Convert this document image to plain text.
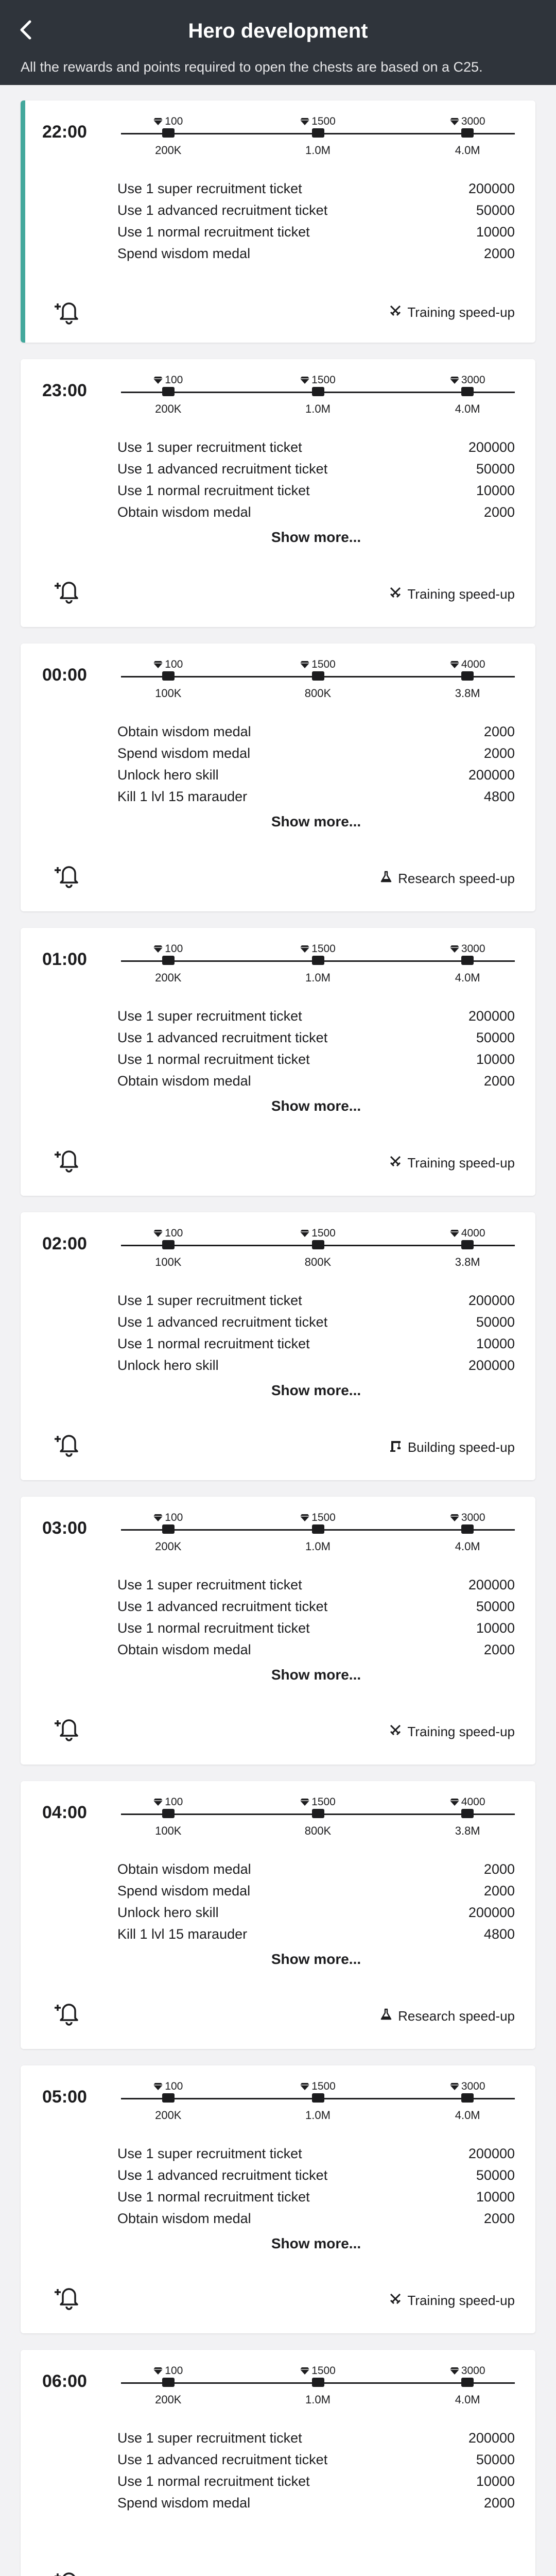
Hero development
All the rewards and points required to open the chests are based on a C25.
22:00
100
200K
1500
1.0M
3000
4.0M
Use 1 super recruitment ticket	200000
Use 1 advanced recruitment ticket	50000
Use 1 normal recruitment ticket	10000
Spend wisdom medal	2000
Training speed-up
23:00
100
200K
1500
1.0M
3000
4.0M
Use 1 super recruitment ticket	200000
Use 1 advanced recruitment ticket	50000
Use 1 normal recruitment ticket	10000
Obtain wisdom medal	2000
Show more...
Training speed-up
00:00
100
100K
1500
800K
4000
3.8M
Obtain wisdom medal	2000
Spend wisdom medal	2000
Unlock hero skill	200000
Kill 1 lvl 15 marauder	4800
Show more...
Research speed-up
01:00
100
200K
1500
1.0M
3000
4.0M
Use 1 super recruitment ticket	200000
Use 1 advanced recruitment ticket	50000
Use 1 normal recruitment ticket	10000
Obtain wisdom medal	2000
Show more...
Training speed-up
02:00
100
100K
1500
800K
4000
3.8M
Use 1 super recruitment ticket	200000
Use 1 advanced recruitment ticket	50000
Use 1 normal recruitment ticket	10000
Unlock hero skill	200000
Show more...
Building speed-up
03:00
100
200K
1500
1.0M
3000
4.0M
Use 1 super recruitment ticket	200000
Use 1 advanced recruitment ticket	50000
Use 1 normal recruitment ticket	10000
Obtain wisdom medal	2000
Show more...
Training speed-up
04:00
100
100K
1500
800K
4000
3.8M
Obtain wisdom medal	2000
Spend wisdom medal	2000
Unlock hero skill	200000
Kill 1 lvl 15 marauder	4800
Show more...
Research speed-up
05:00
100
200K
1500
1.0M
3000
4.0M
Use 1 super recruitment ticket	200000
Use 1 advanced recruitment ticket	50000
Use 1 normal recruitment ticket	10000
Obtain wisdom medal	2000
Show more...
Training speed-up
06:00
100
200K
1500
1.0M
3000
4.0M
Use 1 super recruitment ticket	200000
Use 1 advanced recruitment ticket	50000
Use 1 normal recruitment ticket	10000
Spend wisdom medal	2000
